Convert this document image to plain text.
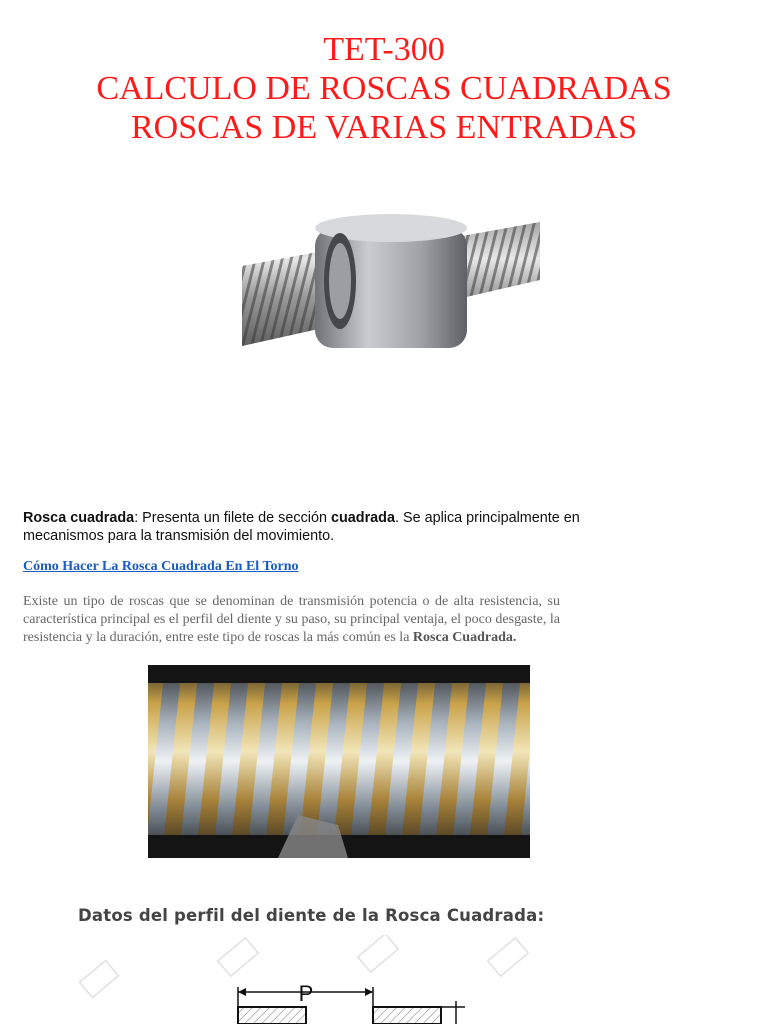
TET-300
CALCULO DE ROSCAS CUADRADAS
ROSCAS DE VARIAS ENTRADAS

Rosca cuadrada: Presenta un filete de sección cuadrada. Se aplica principalmente en mecanismos para la transmisión del movimiento.

Cómo Hacer La Rosca Cuadrada En El Torno

Existe un tipo de roscas que se denominan de transmisión potencia o de alta resistencia, su característica principal es el perfil del diente y su paso, su principal ventaja, el poco desgaste, la resistencia y la duración, entre este tipo de roscas la más común es la Rosca Cuadrada.

Datos del perfil del diente de la Rosca Cuadrada:
P
